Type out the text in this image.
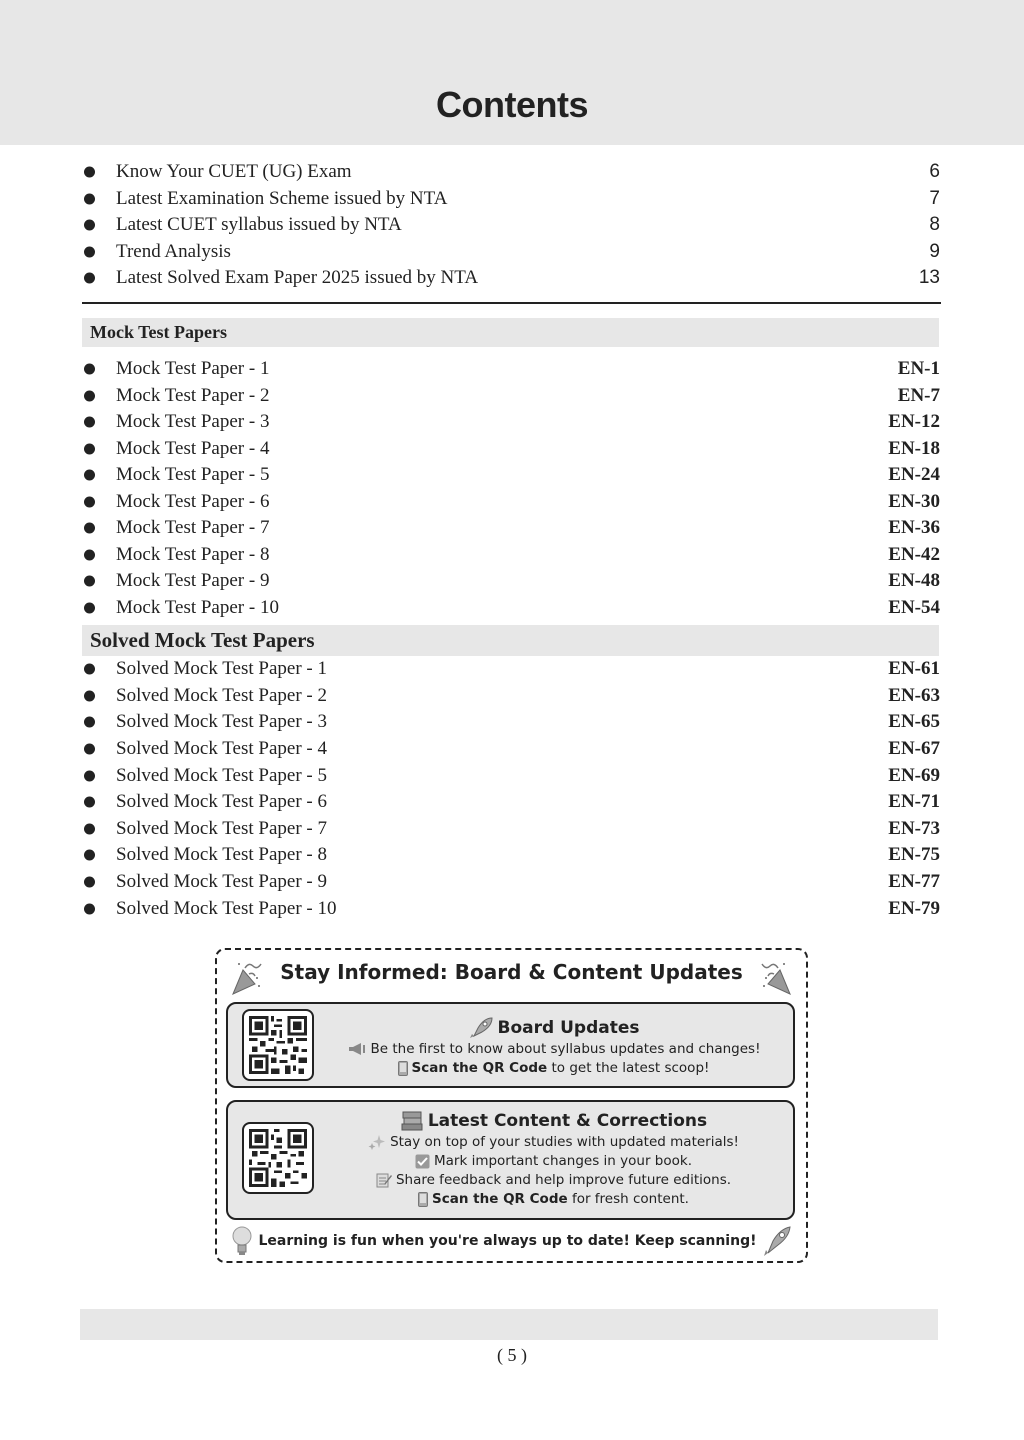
Contents
Know Your CUET (UG) Exam	6
Latest Examination Scheme issued by NTA	7
Latest CUET syllabus issued by NTA	8
Trend Analysis	9
Latest Solved Exam Paper 2025 issued by NTA	13
Mock Test Papers
Mock Test Paper - 1	EN-1
Mock Test Paper - 2	EN-7
Mock Test Paper - 3	EN-12
Mock Test Paper - 4	EN-18
Mock Test Paper - 5	EN-24
Mock Test Paper - 6	EN-30
Mock Test Paper - 7	EN-36
Mock Test Paper - 8	EN-42
Mock Test Paper - 9	EN-48
Mock Test Paper - 10	EN-54
Solved Mock Test Papers
Solved Mock Test Paper - 1	EN-61
Solved Mock Test Paper - 2	EN-63
Solved Mock Test Paper - 3	EN-65
Solved Mock Test Paper - 4	EN-67
Solved Mock Test Paper - 5	EN-69
Solved Mock Test Paper - 6	EN-71
Solved Mock Test Paper - 7	EN-73
Solved Mock Test Paper - 8	EN-75
Solved Mock Test Paper - 9	EN-77
Solved Mock Test Paper - 10	EN-79
Stay Informed: Board & Content Updates
Board Updates
Be the first to know about syllabus updates and changes!
Scan the QR Code to get the latest scoop!
Latest Content & Corrections
Stay on top of your studies with updated materials!
Mark important changes in your book.
Share feedback and help improve future editions.
Scan the QR Code for fresh content.
Learning is fun when you're always up to date! Keep scanning!
( 5 )
